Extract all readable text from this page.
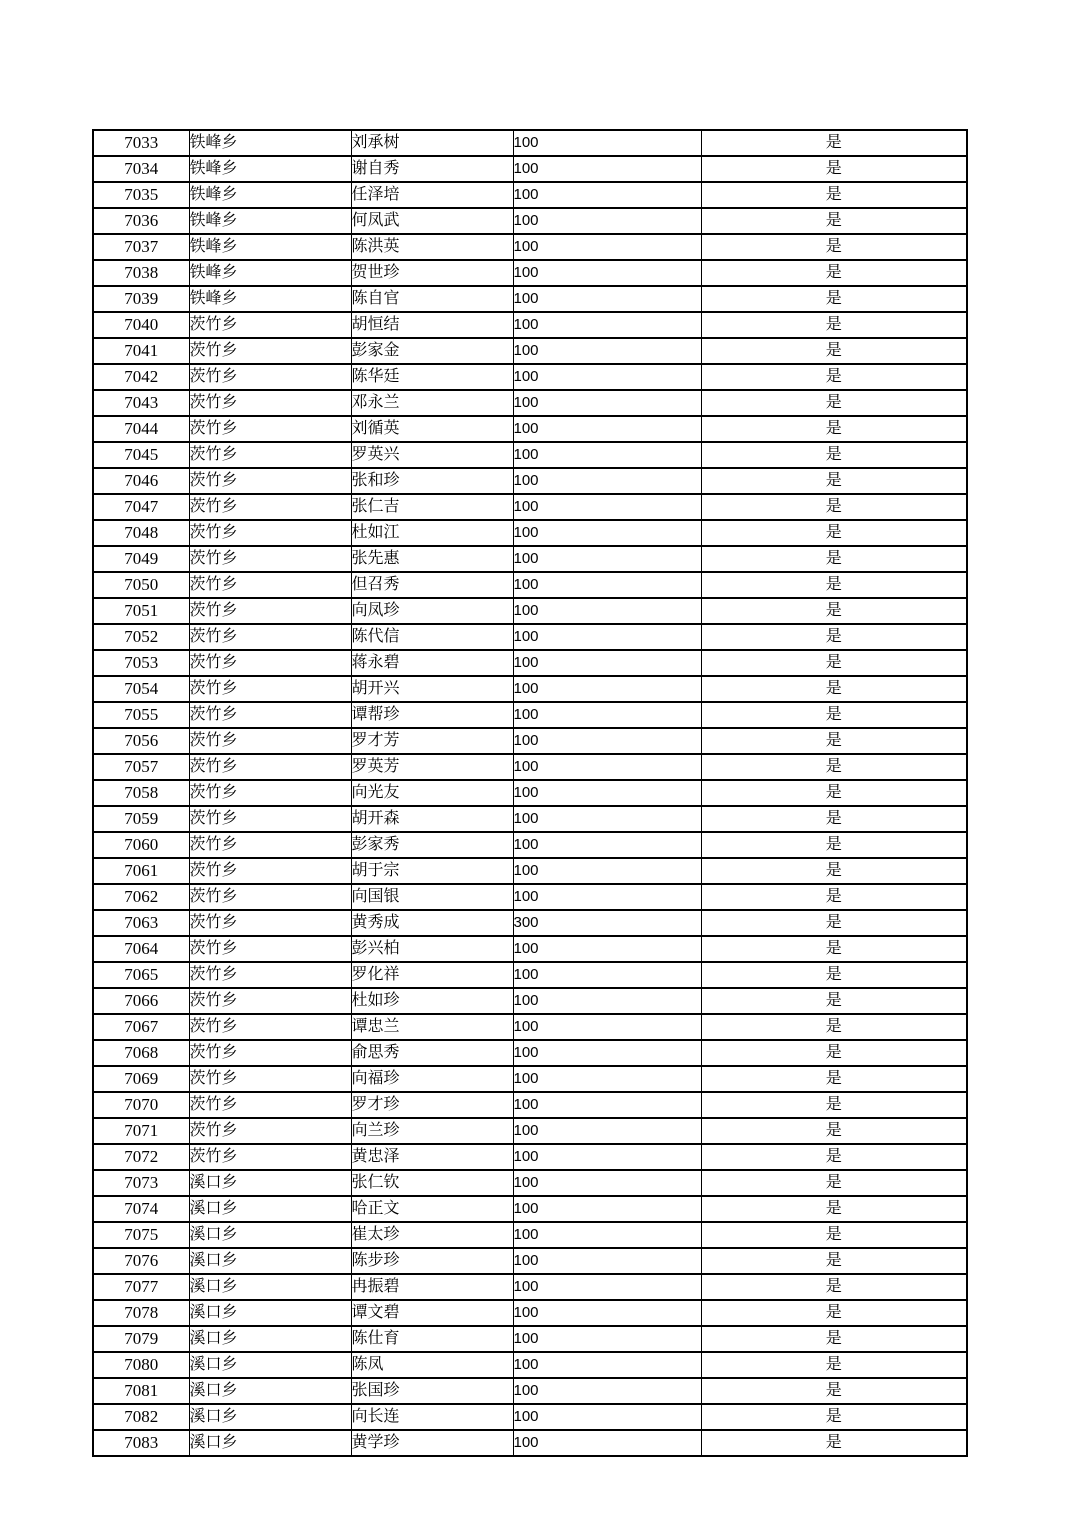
7033	铁峰乡	刘承树	100	是
7034	铁峰乡	谢自秀	100	是
7035	铁峰乡	任泽培	100	是
7036	铁峰乡	何凤武	100	是
7037	铁峰乡	陈洪英	100	是
7038	铁峰乡	贺世珍	100	是
7039	铁峰乡	陈自官	100	是
7040	茨竹乡	胡恒结	100	是
7041	茨竹乡	彭家金	100	是
7042	茨竹乡	陈华廷	100	是
7043	茨竹乡	邓永兰	100	是
7044	茨竹乡	刘循英	100	是
7045	茨竹乡	罗英兴	100	是
7046	茨竹乡	张和珍	100	是
7047	茨竹乡	张仁吉	100	是
7048	茨竹乡	杜如江	100	是
7049	茨竹乡	张先惠	100	是
7050	茨竹乡	但召秀	100	是
7051	茨竹乡	向凤珍	100	是
7052	茨竹乡	陈代信	100	是
7053	茨竹乡	蒋永碧	100	是
7054	茨竹乡	胡开兴	100	是
7055	茨竹乡	谭帮珍	100	是
7056	茨竹乡	罗才芳	100	是
7057	茨竹乡	罗英芳	100	是
7058	茨竹乡	向光友	100	是
7059	茨竹乡	胡开森	100	是
7060	茨竹乡	彭家秀	100	是
7061	茨竹乡	胡于宗	100	是
7062	茨竹乡	向国银	100	是
7063	茨竹乡	黄秀成	300	是
7064	茨竹乡	彭兴柏	100	是
7065	茨竹乡	罗化祥	100	是
7066	茨竹乡	杜如珍	100	是
7067	茨竹乡	谭忠兰	100	是
7068	茨竹乡	俞思秀	100	是
7069	茨竹乡	向福珍	100	是
7070	茨竹乡	罗才珍	100	是
7071	茨竹乡	向兰珍	100	是
7072	茨竹乡	黄忠泽	100	是
7073	溪口乡	张仁钦	100	是
7074	溪口乡	哈正文	100	是
7075	溪口乡	崔太珍	100	是
7076	溪口乡	陈步珍	100	是
7077	溪口乡	冉振碧	100	是
7078	溪口乡	谭文碧	100	是
7079	溪口乡	陈仕育	100	是
7080	溪口乡	陈凤	100	是
7081	溪口乡	张国珍	100	是
7082	溪口乡	向长连	100	是
7083	溪口乡	黄学珍	100	是
